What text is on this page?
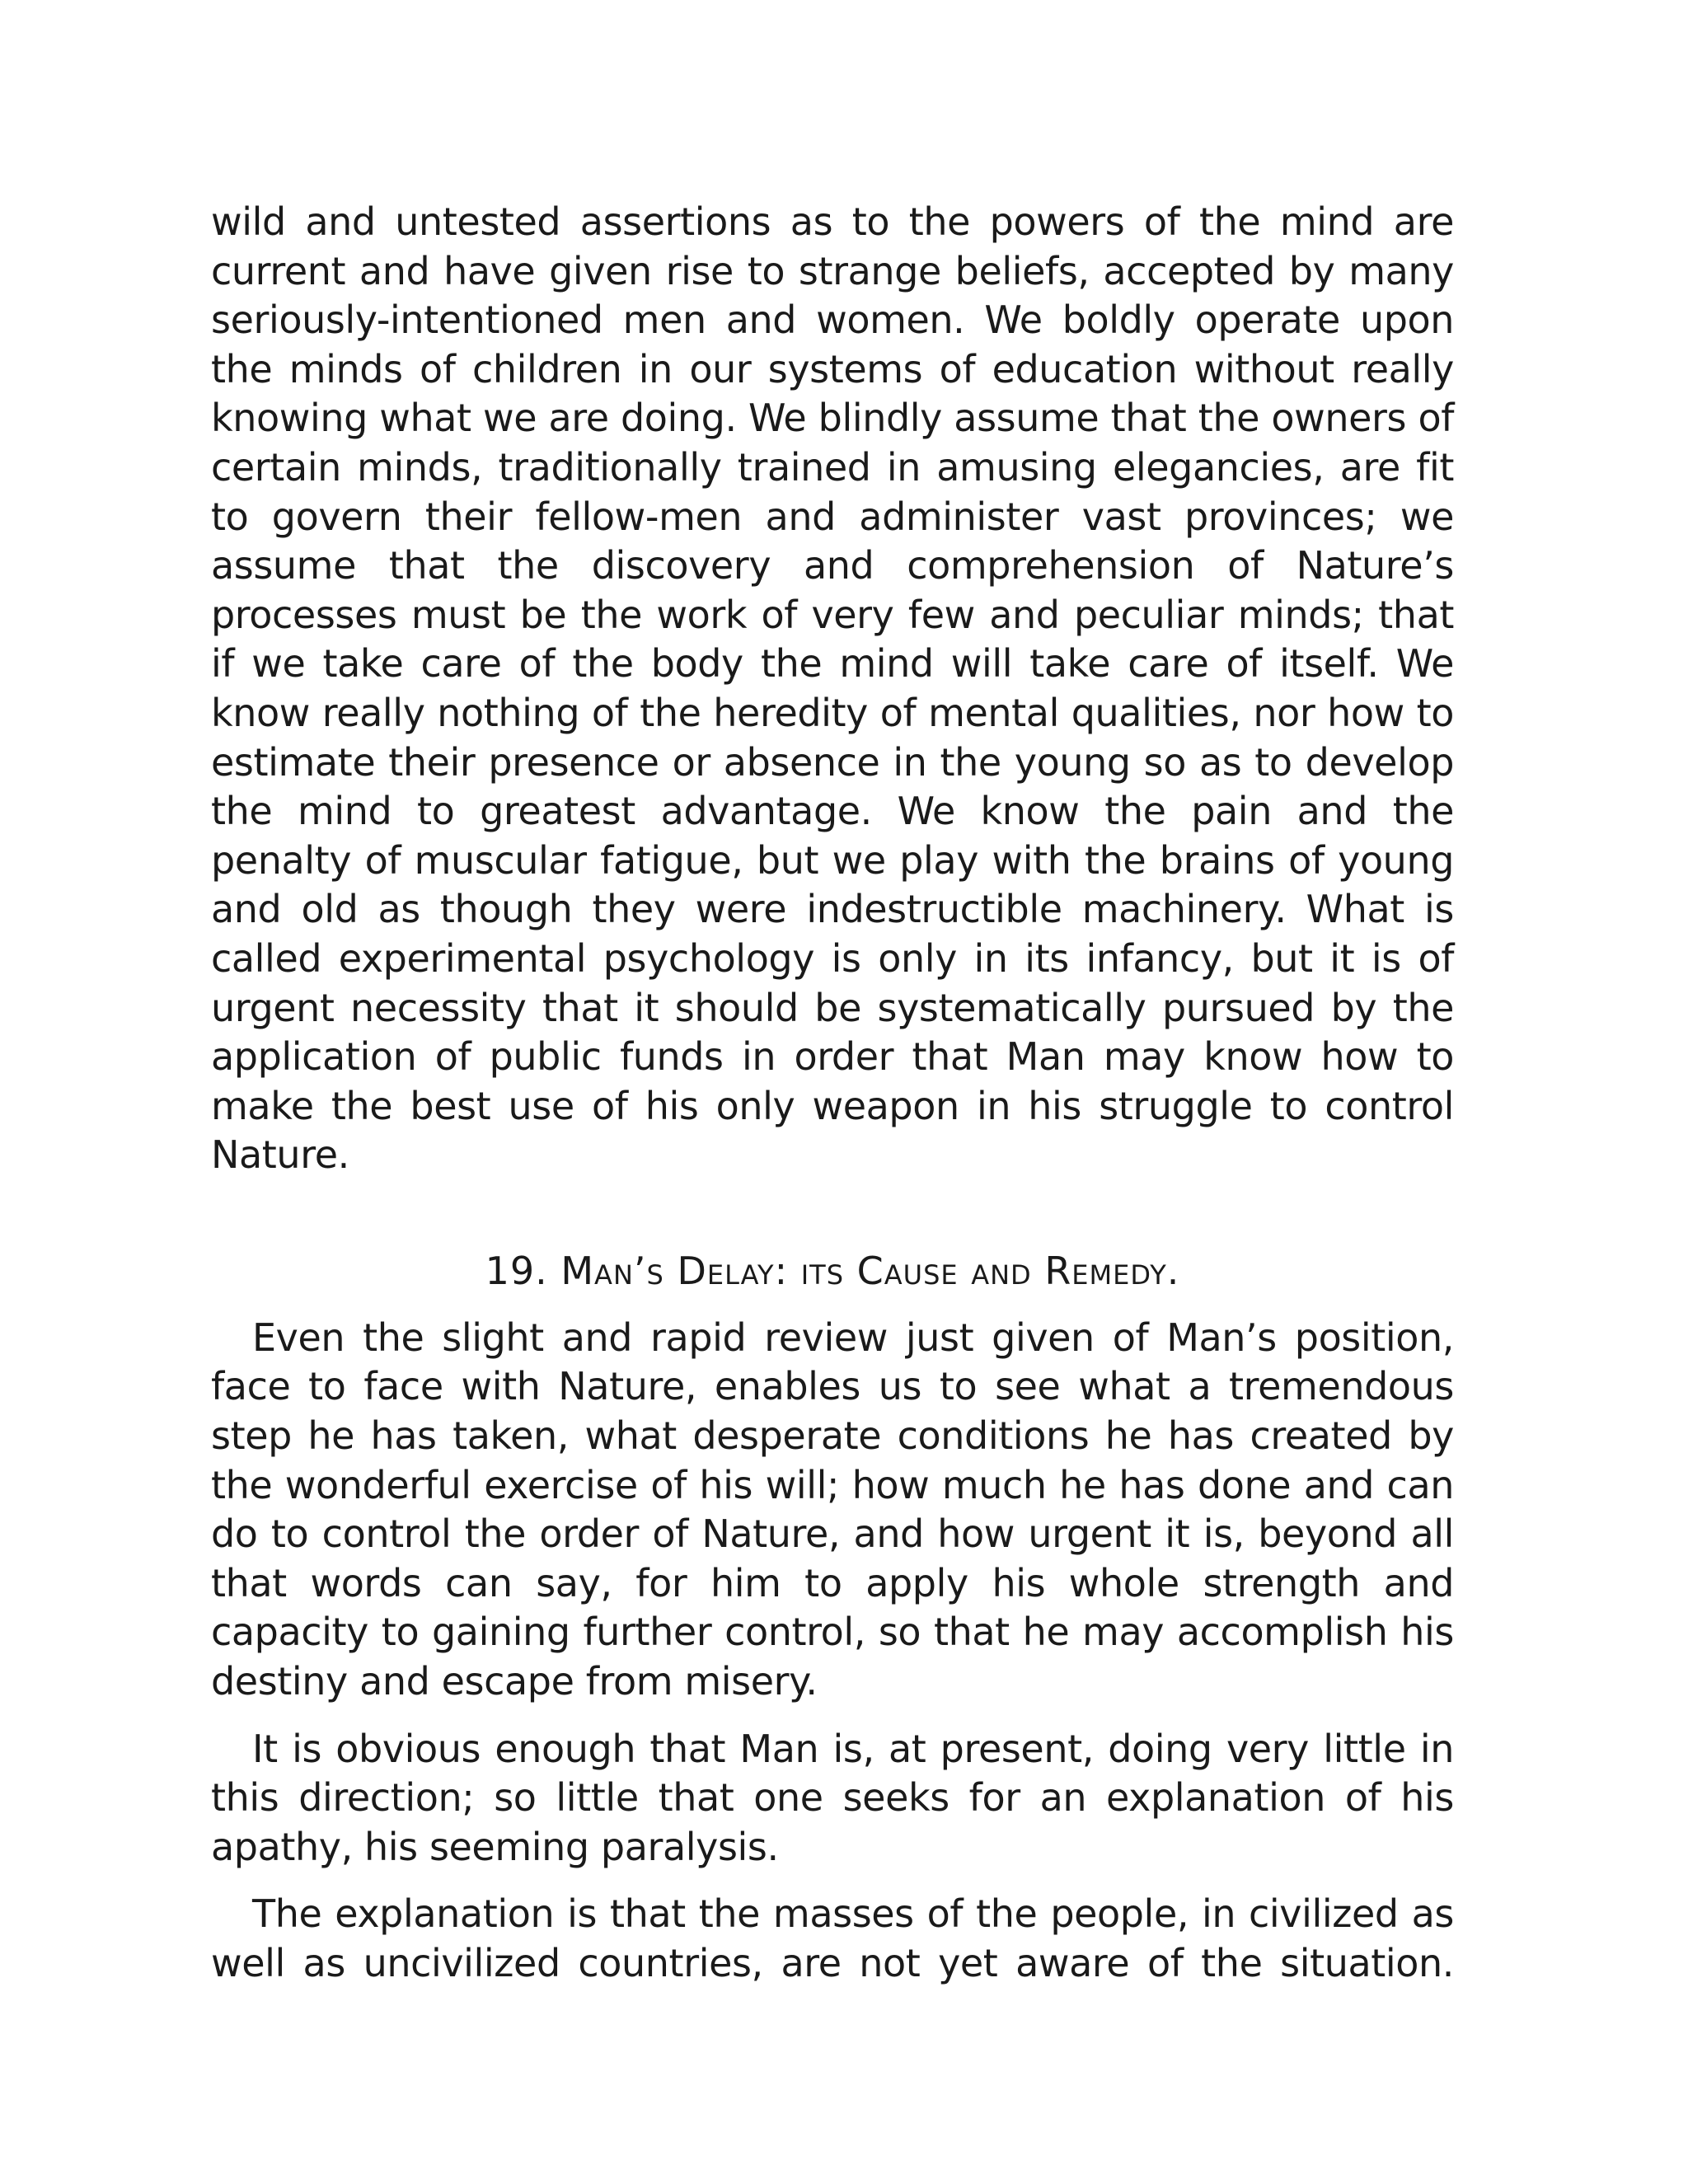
wild and untested assertions as to the powers of the mind are current and have given rise to strange beliefs, accepted by many seriously-intentioned men and women. We boldly operate upon the minds of children in our systems of education without really knowing what we are doing. We blindly assume that the owners of certain minds, traditionally trained in amusing elegancies, are fit to govern their fellow-men and administer vast provinces; we assume that the discovery and comprehension of Nature’s processes must be the work of very few and peculiar minds; that if we take care of the body the mind will take care of itself. We know really nothing of the heredity of mental qualities, nor how to estimate their presence or absence in the young so as to develop the mind to greatest advantage. We know the pain and the penalty of muscular fatigue, but we play with the brains of young and old as though they were indestructible machinery. What is called experimental psychology is only in its infancy, but it is of urgent necessity that it should be systematically pursued by the application of public funds in order that Man may know how to make the best use of his only weapon in his struggle to control Nature.

19. Man’s Delay: its Cause and Remedy.

Even the slight and rapid review just given of Man’s position, face to face with Nature, enables us to see what a tremendous step he has taken, what desperate conditions he has created by the wonderful exercise of his will; how much he has done and can do to control the order of Nature, and how urgent it is, beyond all that words can say, for him to apply his whole strength and capacity to gaining further control, so that he may accomplish his destiny and escape from misery.

It is obvious enough that Man is, at present, doing very little in this direction; so little that one seeks for an explanation of his apathy, his seeming paralysis.

The explanation is that the masses of the people, in civilized as well as uncivilized countries, are not yet aware of the situation.
